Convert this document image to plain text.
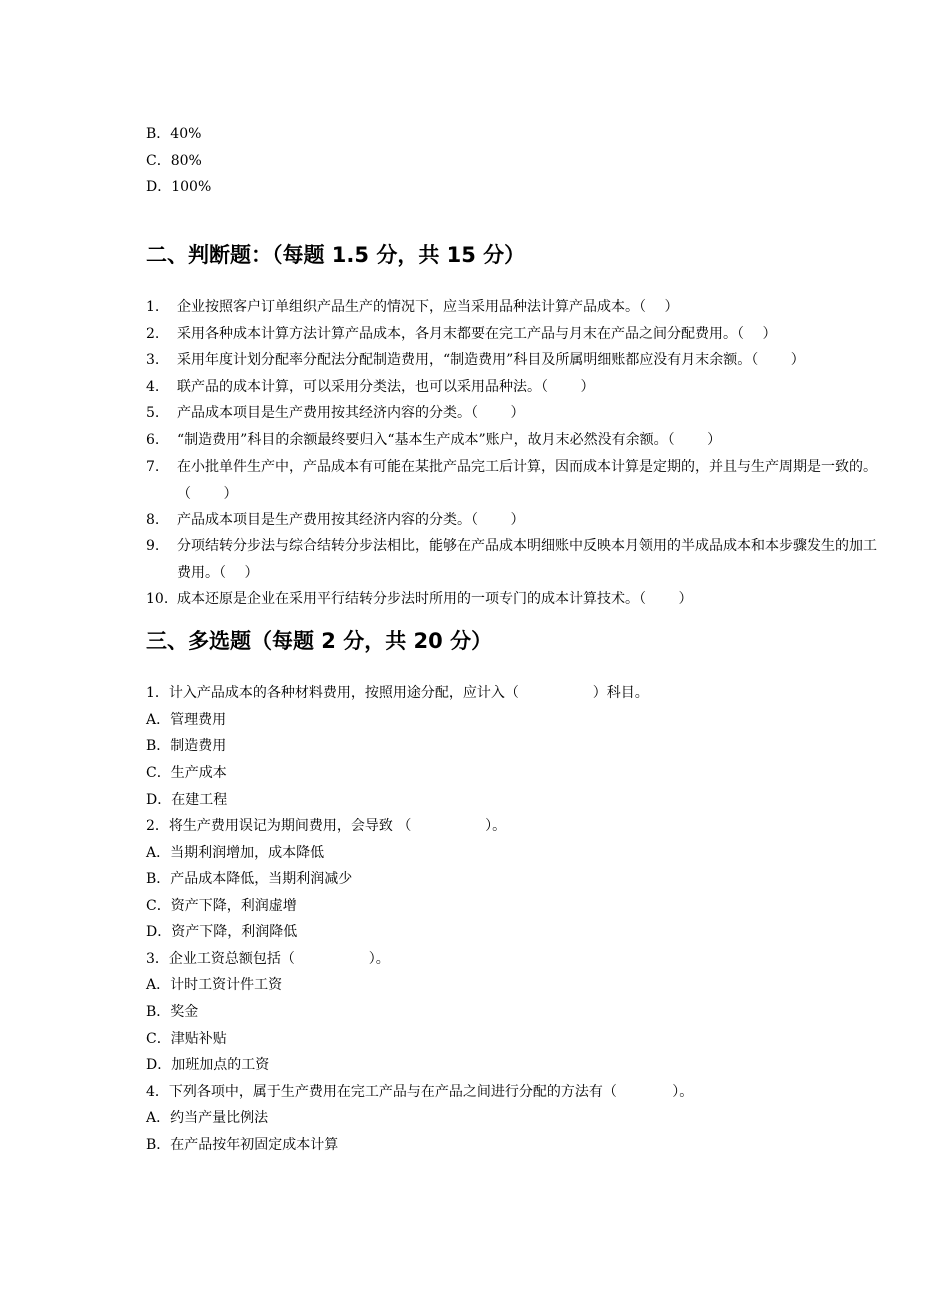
B．40%
C．80%
D．100%
二、判断题：（每题 1.5 分，共 15 分）
1.	企业按照客户订单组织产品生产的情况下，应当采用品种法计算产品成本。（　 ）
2.	采用各种成本计算方法计算产品成本，各月末都要在完工产品与月末在产品之间分配费用。（　 ）
3.	采用年度计划分配率分配法分配制造费用，“制造费用”科目及所属明细账都应没有月末余额。（　 　）
4.	联产品的成本计算，可以采用分类法，也可以采用品种法。（　 　）
5.	产品成本项目是生产费用按其经济内容的分类。（　 　）
6.	“制造费用”科目的余额最终要归入“基本生产成本”账户，故月末必然没有余额。（　 　）
7.	在小批单件生产中，产品成本有可能在某批产品完工后计算，因而成本计算是定期的，并且与生产周期是一致的。（　 　）
8.	产品成本项目是生产费用按其经济内容的分类。（　 　）
9.	分项结转分步法与综合结转分步法相比，能够在产品成本明细账中反映本月领用的半成品成本和本步骤发生的加工费用。（　 ）
10. 成本还原是企业在采用平行结转分步法时所用的一项专门的成本计算技术。（　 　）
三、多选题（每题 2 分，共 20 分）
1．计入产品成本的各种材料费用，按照用途分配，应计入（　 　 　 　 ）科目。
A．管理费用
B．制造费用
C．生产成本
D．在建工程
2．将生产费用误记为期间费用，会导致 （　 　 　 　 ）。
A．当期利润增加，成本降低
B．产品成本降低，当期利润减少
C．资产下降，利润虚增
D．资产下降，利润降低
3．企业工资总额包括（　 　 　 　 ）。
A．计时工资计件工资
B．奖金
C．津贴补贴
D．加班加点的工资
4．下列各项中，属于生产费用在完工产品与在产品之间进行分配的方法有（　 　 　 ）。
A．约当产量比例法
B．在产品按年初固定成本计算
